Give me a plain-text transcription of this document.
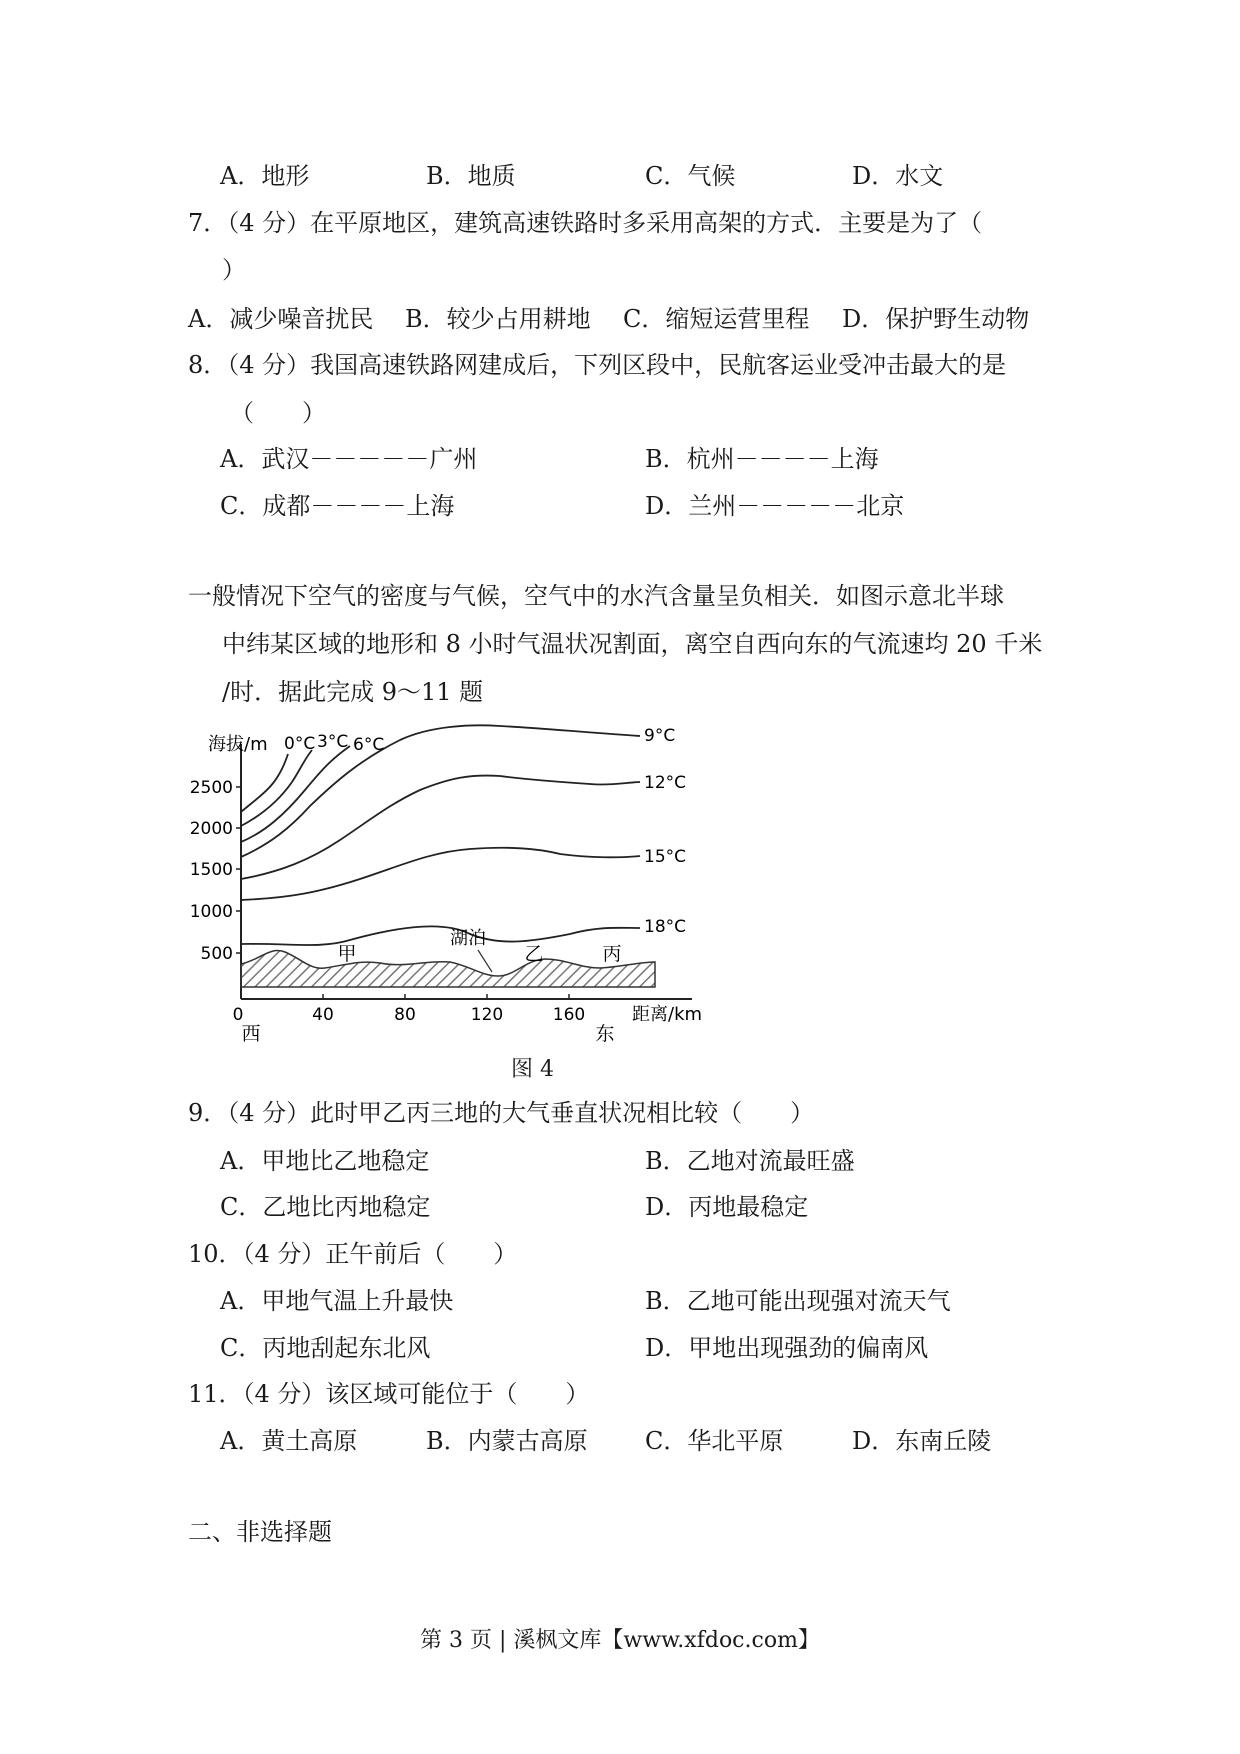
A．地形	B．地质	C．气候	D．水文
7．（4 分）在平原地区，建筑高速铁路时多采用高架的方式．主要是为了（
）
A．减少噪音扰民 B．较少占用耕地 C．缩短运营里程 D．保护野生动物
8．（4 分）我国高速铁路网建成后，下列区段中，民航客运业受冲击最大的是
（　　）
A．武汉－－－－－广州	B．杭州－－－－上海
C．成都－－－－上海	D．兰州－－－－－北京
一般情况下空气的密度与气候，空气中的水汽含量呈负相关．如图示意北半球
中纬某区域的地形和 8 小时气温状况割面，离空自西向东的气流速均 20 千米
/时．据此完成 9～11 题
2500
2000
1500
1000
500
海拔/m
0	40	80	120	160
西	东
距离/km
0°C 3°C 6°C	9°C
12°C
15°C
18°C
甲
湖泊
乙	丙
图 4
9．（4 分）此时甲乙丙三地的大气垂直状况相比较（　　）
A．甲地比乙地稳定	B．乙地对流最旺盛
C．乙地比丙地稳定	D．丙地最稳定
10．（4 分）正午前后（　　）
A．甲地气温上升最快	B．乙地可能出现强对流天气
C．丙地刮起东北风	D．甲地出现强劲的偏南风
11．（4 分）该区域可能位于（　　）
A．黄土高原	B．内蒙古高原 C．华北平原	D．东南丘陵
二、非选择题
第 3 页 | 溪枫文库【www.xfdoc.com】
